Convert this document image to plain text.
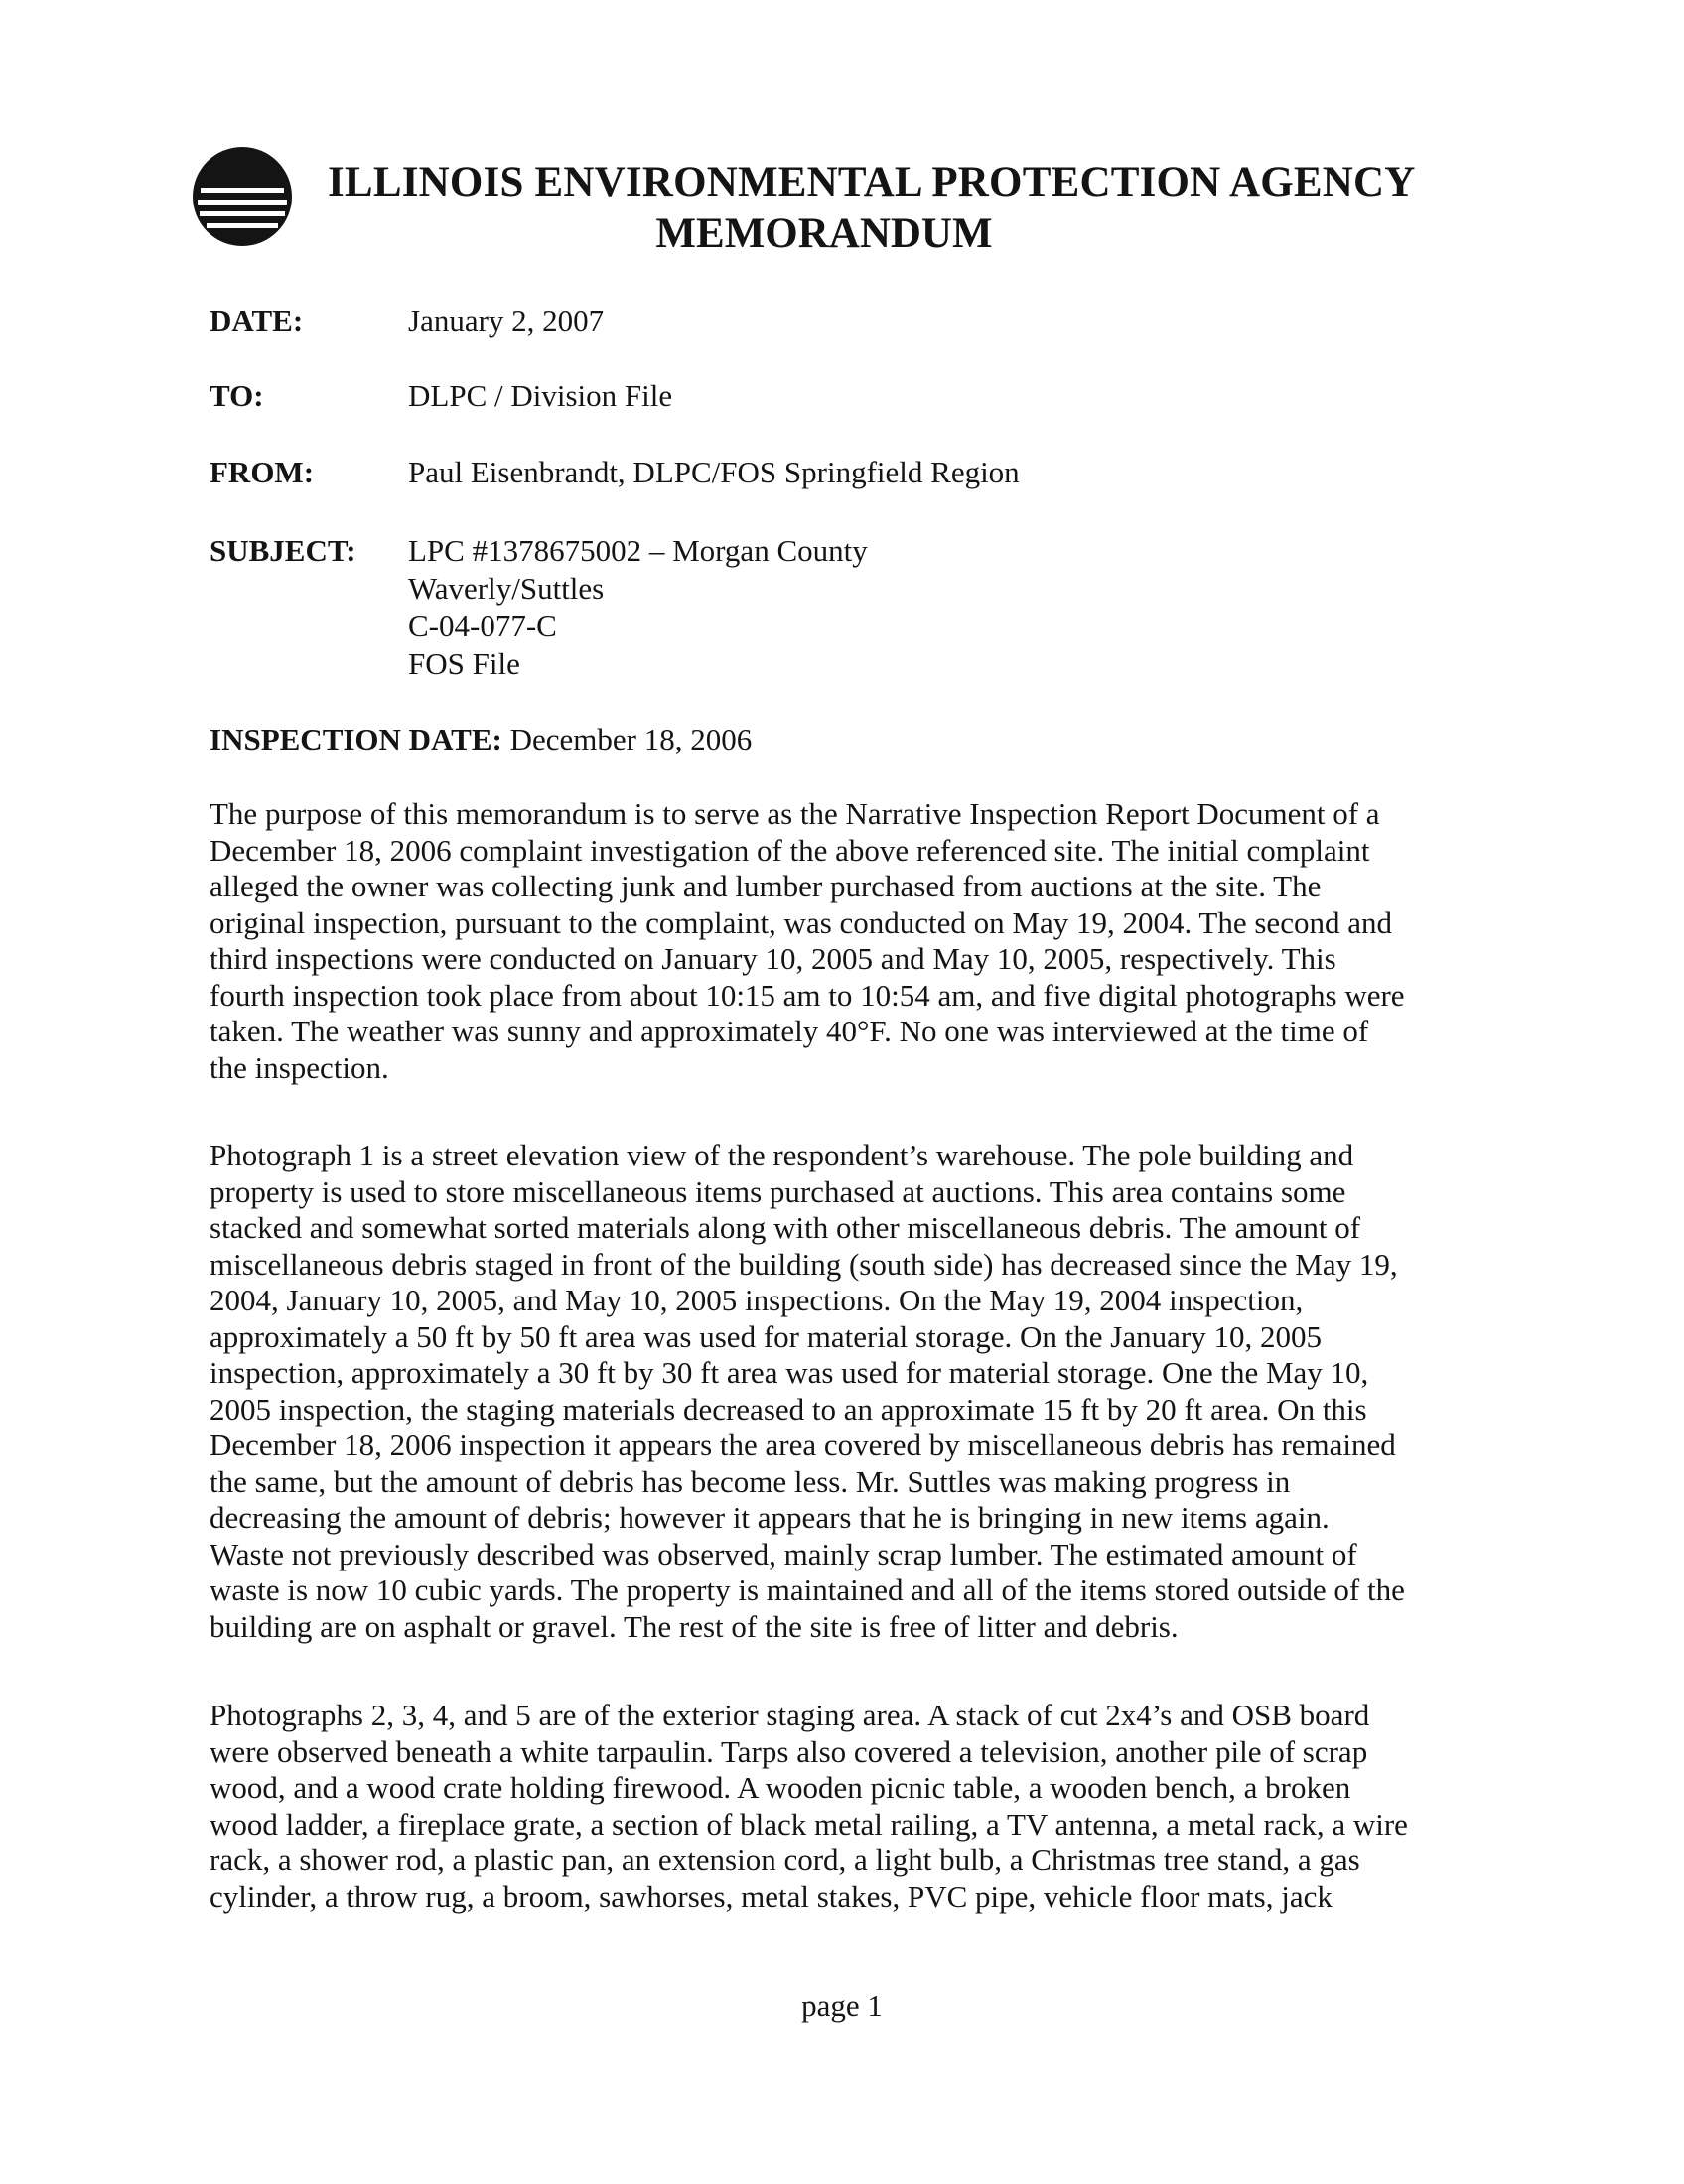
ILLINOIS ENVIRONMENTAL PROTECTION AGENCY
MEMORANDUM
DATE:	January 2, 2007
TO:	DLPC / Division File
FROM:	Paul Eisenbrandt, DLPC/FOS Springfield Region
SUBJECT: LPC #1378675002 – Morgan County
Waverly/Suttles
C-04-077-C
FOS File
INSPECTION DATE: December 18, 2006
The purpose of this memorandum is to serve as the Narrative Inspection Report Document of a
December 18, 2006 complaint investigation of the above referenced site. The initial complaint
alleged the owner was collecting junk and lumber purchased from auctions at the site. The
original inspection, pursuant to the complaint, was conducted on May 19, 2004. The second and
third inspections were conducted on January 10, 2005 and May 10, 2005, respectively. This
fourth inspection took place from about 10:15 am to 10:54 am, and five digital photographs were
taken. The weather was sunny and approximately 40°F. No one was interviewed at the time of
the inspection.
Photograph 1 is a street elevation view of the respondent’s warehouse. The pole building and
property is used to store miscellaneous items purchased at auctions. This area contains some
stacked and somewhat sorted materials along with other miscellaneous debris. The amount of
miscellaneous debris staged in front of the building (south side) has decreased since the May 19,
2004, January 10, 2005, and May 10, 2005 inspections. On the May 19, 2004 inspection,
approximately a 50 ft by 50 ft area was used for material storage. On the January 10, 2005
inspection, approximately a 30 ft by 30 ft area was used for material storage. One the May 10,
2005 inspection, the staging materials decreased to an approximate 15 ft by 20 ft area. On this
December 18, 2006 inspection it appears the area covered by miscellaneous debris has remained
the same, but the amount of debris has become less. Mr. Suttles was making progress in
decreasing the amount of debris; however it appears that he is bringing in new items again.
Waste not previously described was observed, mainly scrap lumber. The estimated amount of
waste is now 10 cubic yards. The property is maintained and all of the items stored outside of the
building are on asphalt or gravel. The rest of the site is free of litter and debris.
Photographs 2, 3, 4, and 5 are of the exterior staging area. A stack of cut 2x4’s and OSB board
were observed beneath a white tarpaulin. Tarps also covered a television, another pile of scrap
wood, and a wood crate holding firewood. A wooden picnic table, a wooden bench, a broken
wood ladder, a fireplace grate, a section of black metal railing, a TV antenna, a metal rack, a wire
rack, a shower rod, a plastic pan, an extension cord, a light bulb, a Christmas tree stand, a gas
cylinder, a throw rug, a broom, sawhorses, metal stakes, PVC pipe, vehicle floor mats, jack
page 1
